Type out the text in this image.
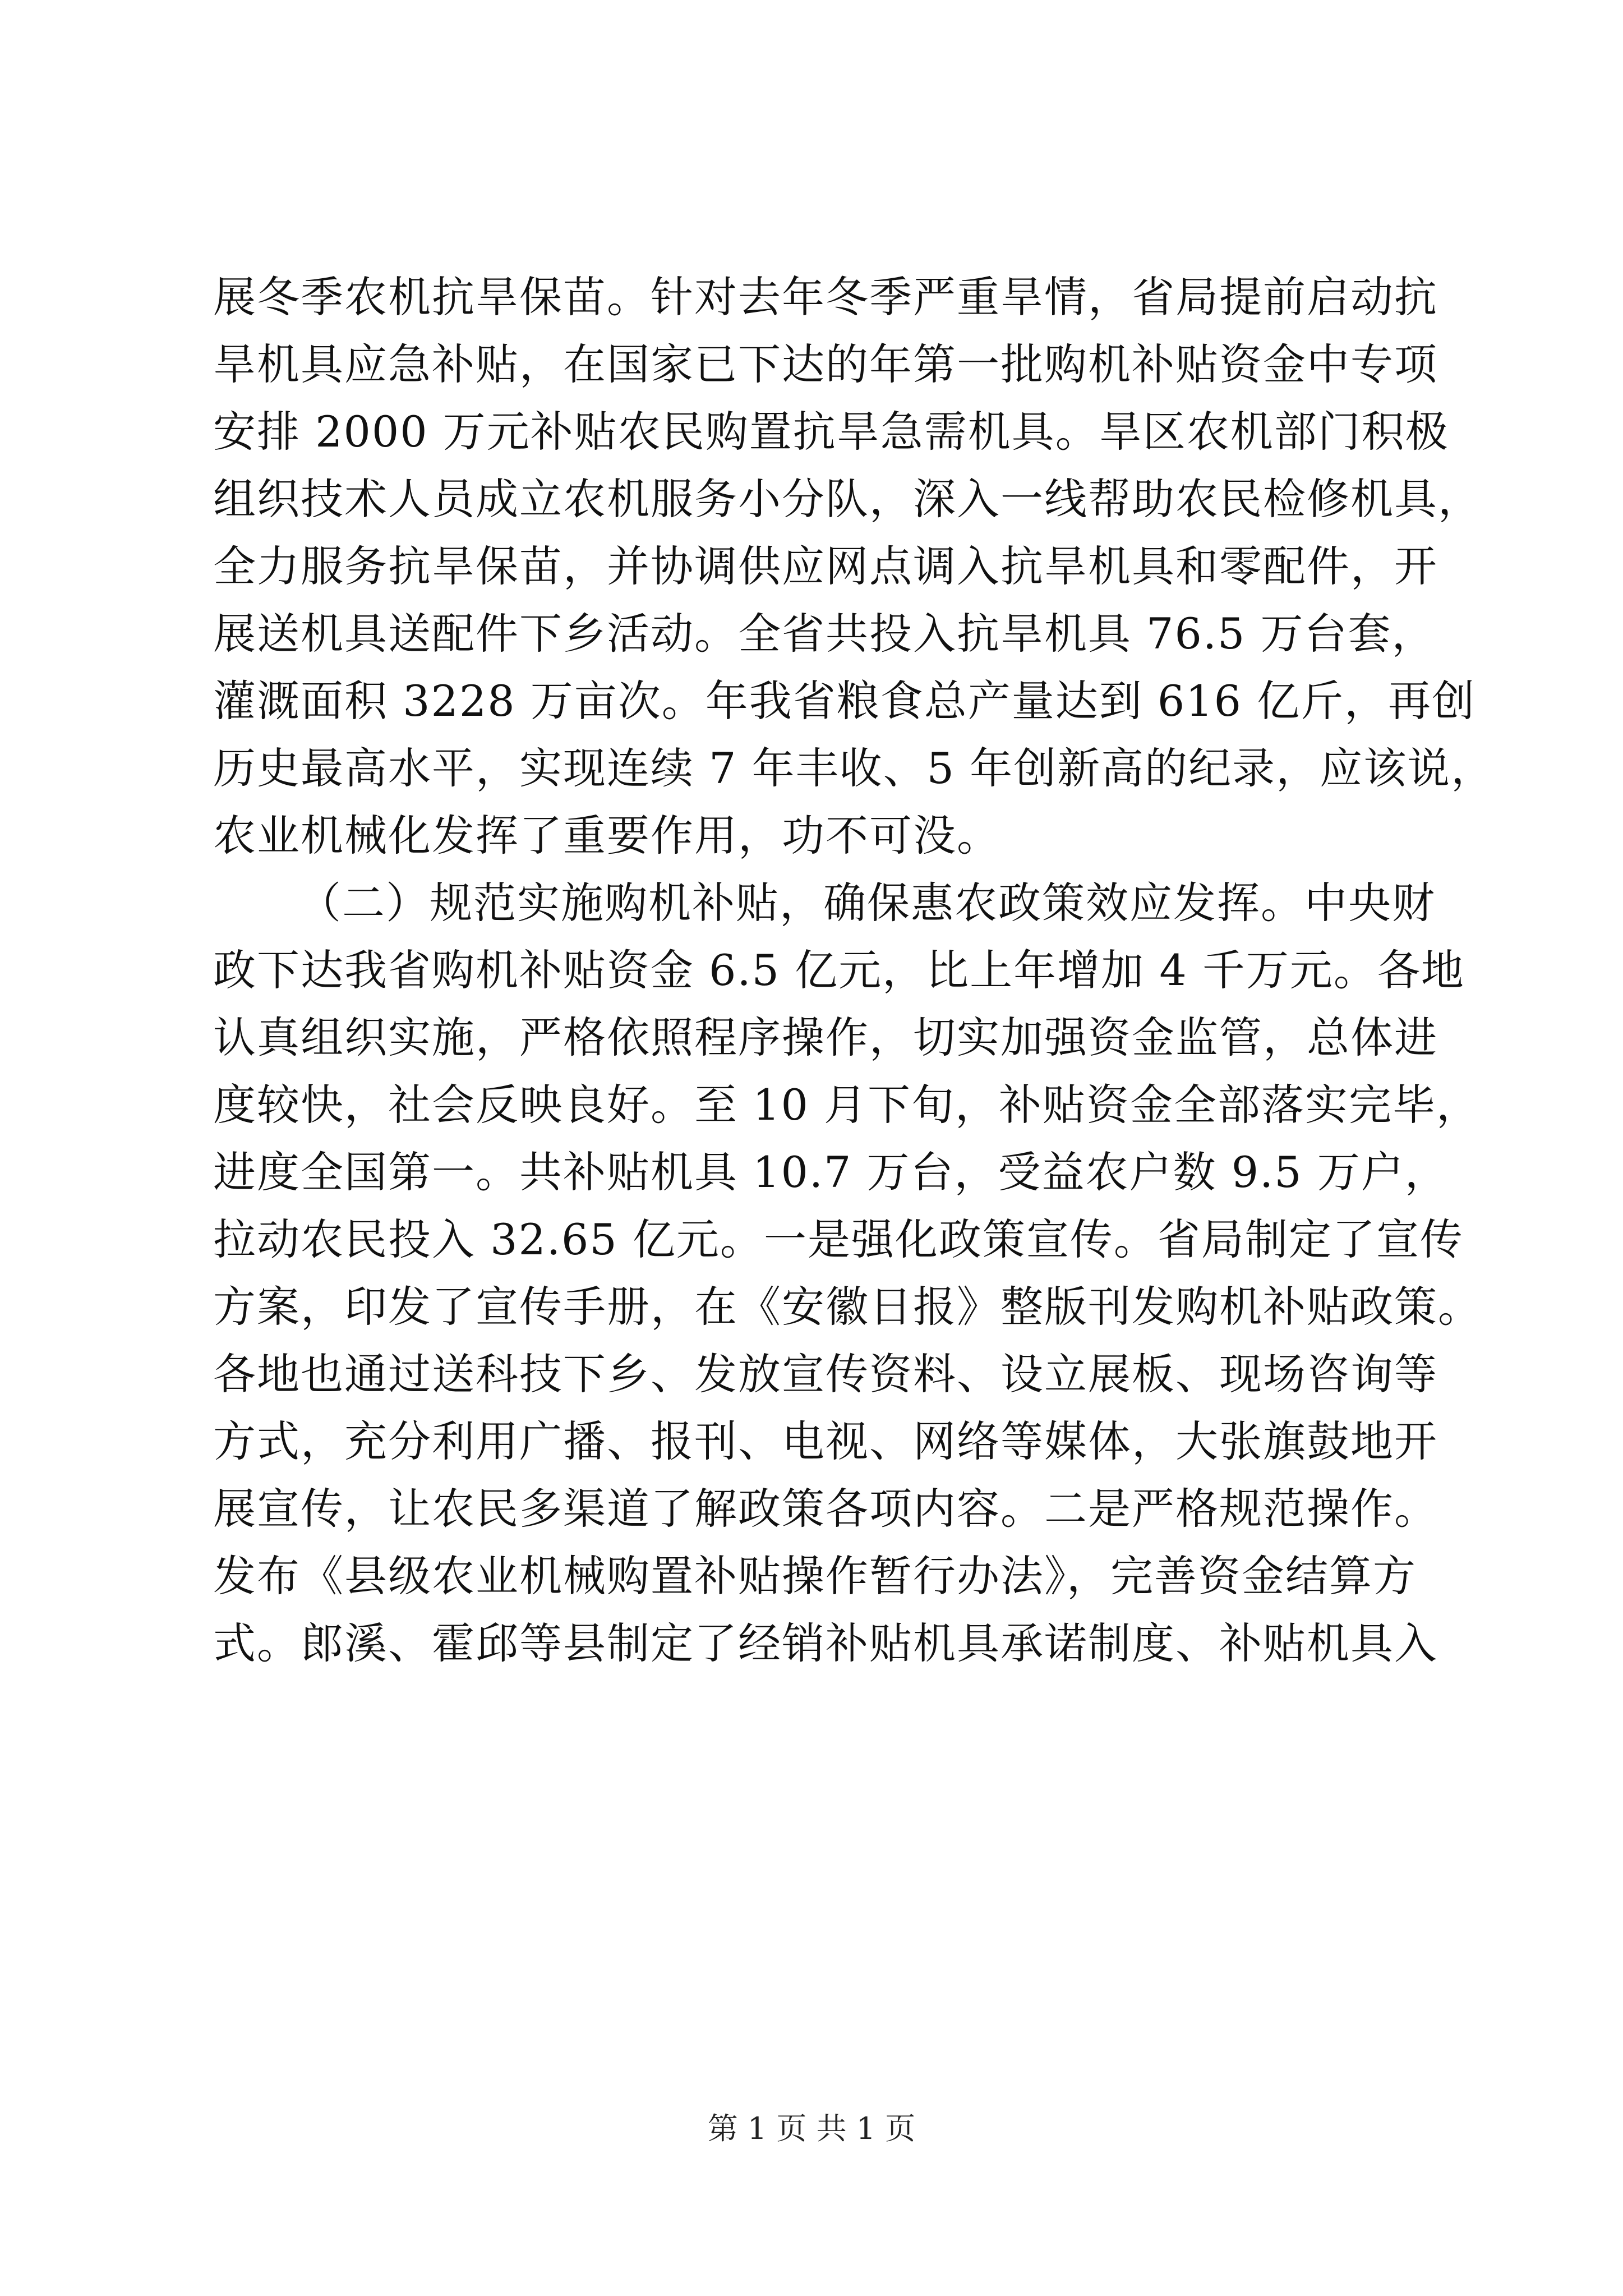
展冬季农机抗旱保苗。针对去年冬季严重旱情，省局提前启动抗
旱机具应急补贴，在国家已下达的年第一批购机补贴资金中专项
安排 2000 万元补贴农民购置抗旱急需机具。旱区农机部门积极
组织技术人员成立农机服务小分队，深入一线帮助农民检修机具，
全力服务抗旱保苗，并协调供应网点调入抗旱机具和零配件，开
展送机具送配件下乡活动。全省共投入抗旱机具 76.5 万台套，
灌溉面积 3228 万亩次。年我省粮食总产量达到 616 亿斤，再创
历史最高水平，实现连续 7 年丰收、5 年创新高的纪录，应该说，
农业机械化发挥了重要作用，功不可没。
（二）规范实施购机补贴，确保惠农政策效应发挥。中央财
政下达我省购机补贴资金 6.5 亿元，比上年增加 4 千万元。各地
认真组织实施，严格依照程序操作，切实加强资金监管，总体进
度较快，社会反映良好。至 10 月下旬，补贴资金全部落实完毕，
进度全国第一。共补贴机具 10.7 万台，受益农户数 9.5 万户，
拉动农民投入 32.65 亿元。一是强化政策宣传。省局制定了宣传
方案，印发了宣传手册，在《安徽日报》整版刊发购机补贴政策。
各地也通过送科技下乡、发放宣传资料、设立展板、现场咨询等
方式，充分利用广播、报刊、电视、网络等媒体，大张旗鼓地开
展宣传，让农民多渠道了解政策各项内容。二是严格规范操作。
发布《县级农业机械购置补贴操作暂行办法》，完善资金结算方
式。郎溪、霍邱等县制定了经销补贴机具承诺制度、补贴机具入
第 1 页 共 1 页
